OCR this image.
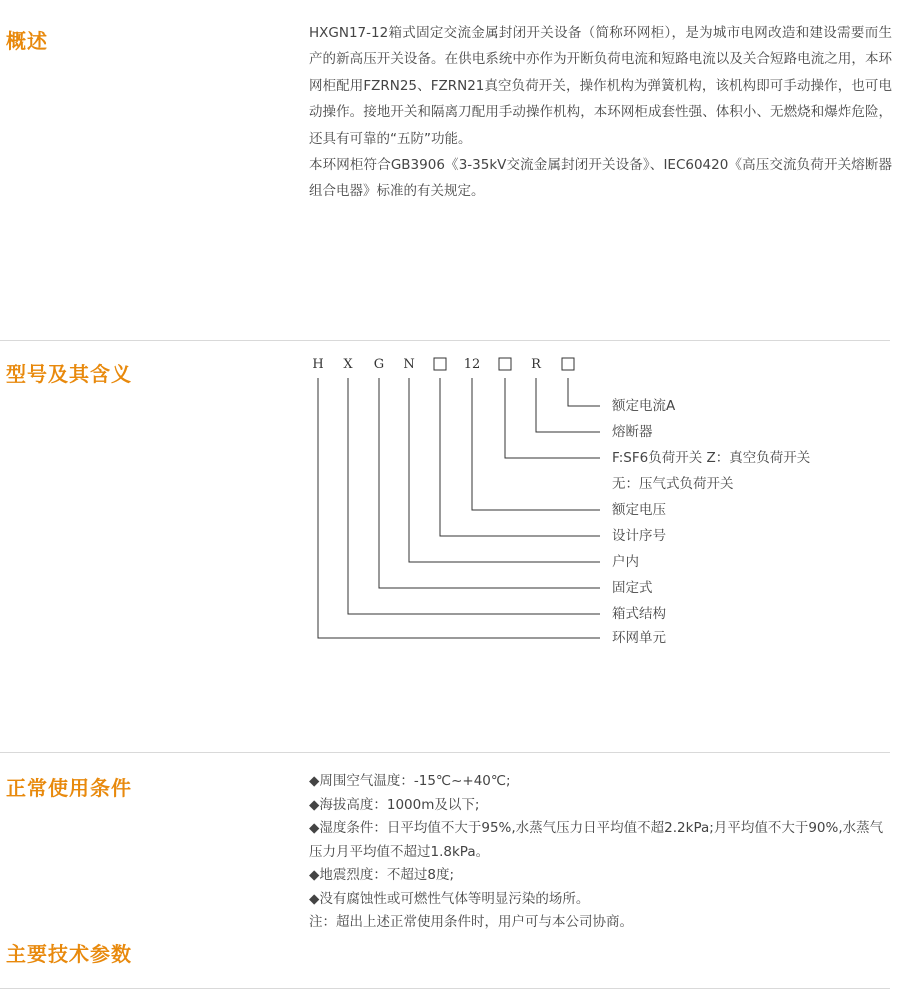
概述	HXGN17-12箱式固定交流金属封闭开关设备（简称环网柜），是为城市电网改造和建设需要而生产的新高压开关设备。在供电系统中亦作为开断负荷电流和短路电流以及关合短路电流之用，本环网柜配用FZRN25、FZRN21真空负荷开关，操作机构为弹簧机构，该机构即可手动操作，也可电动操作。接地开关和隔离刀配用手动操作机构，本环网柜成套性强、体积小、无燃烧和爆炸危险，还具有可靠的“五防”功能。

本环网柜符合GB3906《3-35kV交流金属封闭开关设备》、IEC60420《高压交流负荷开关熔断器组合电器》标准的有关规定。

型号及其含义	H X G N	12	R
额定电流A
熔断器
F:SF6负荷开关 Z：真空负荷开关
无：压气式负荷开关
额定电压
设计序号
户内
固定式
箱式结构
环网单元
正常使用条件	◆周围空气温度：-15℃~+40℃;
◆海拔高度：1000m及以下;
◆湿度条件：日平均值不大于95%,水蒸气压力日平均值不超2.2kPa;月平均值不大于90%,水蒸气压力月平均值不超过1.8kPa。
◆地震烈度：不超过8度;
◆没有腐蚀性或可燃性气体等明显污染的场所。
注：超出上述正常使用条件时，用户可与本公司协商。
主要技术参数
